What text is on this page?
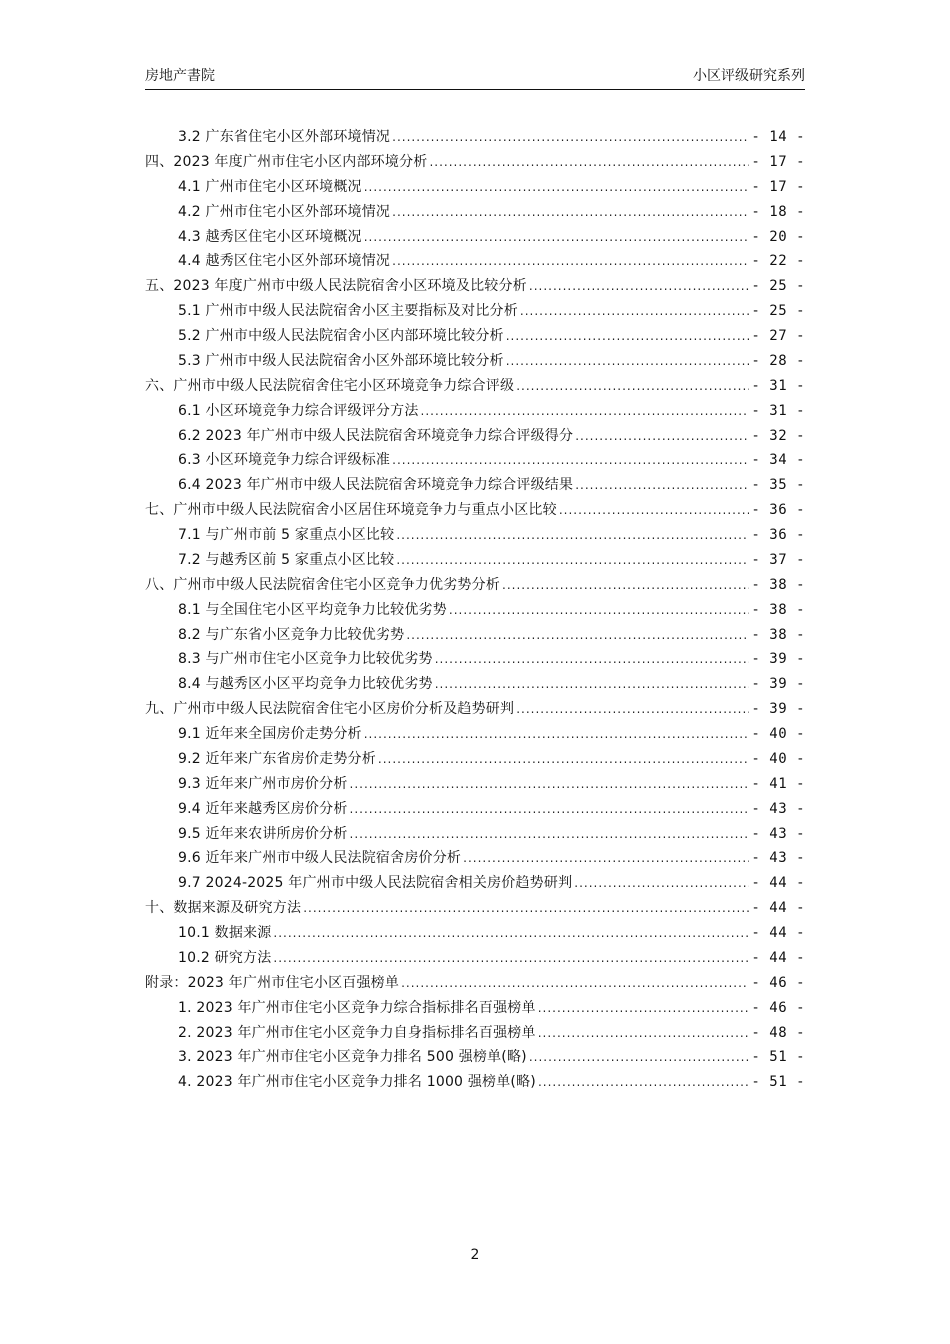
房地产書院	小区评级研究系列
3.2 广东省住宅小区外部环境情况 .....	- 14 -
四、2023 年度广州市住宅小区内部环境分析 .....	- 17 -
4.1 广州市住宅小区环境概况 .....	- 17 -
4.2 广州市住宅小区外部环境情况 .....	- 18 -
4.3 越秀区住宅小区环境概况 .....	- 20 -
4.4 越秀区住宅小区外部环境情况 .....	- 22 -
五、2023 年度广州市中级人民法院宿舍小区环境及比较分析 .....	- 25 -
5.1 广州市中级人民法院宿舍小区主要指标及对比分析 .....	- 25 -
5.2 广州市中级人民法院宿舍小区内部环境比较分析 .....	- 27 -
5.3 广州市中级人民法院宿舍小区外部环境比较分析 .....	- 28 -
六、广州市中级人民法院宿舍住宅小区环境竞争力综合评级 .....	- 31 -
6.1 小区环境竞争力综合评级评分方法 .....	- 31 -
6.2 2023 年广州市中级人民法院宿舍环境竞争力综合评级得分 .....	- 32 -
6.3 小区环境竞争力综合评级标准 .....	- 34 -
6.4 2023 年广州市中级人民法院宿舍环境竞争力综合评级结果 .....	- 35 -
七、广州市中级人民法院宿舍小区居住环境竞争力与重点小区比较 .....	- 36 -
7.1 与广州市前 5 家重点小区比较 .....	- 36 -
7.2 与越秀区前 5 家重点小区比较 .....	- 37 -
八、广州市中级人民法院宿舍住宅小区竞争力优劣势分析 .....	- 38 -
8.1 与全国住宅小区平均竞争力比较优劣势 .....	- 38 -
8.2 与广东省小区竞争力比较优劣势 .....	- 38 -
8.3 与广州市住宅小区竞争力比较优劣势 .....	- 39 -
8.4 与越秀区小区平均竞争力比较优劣势 .....	- 39 -
九、广州市中级人民法院宿舍住宅小区房价分析及趋势研判 .....	- 39 -
9.1 近年来全国房价走势分析 .....	- 40 -
9.2 近年来广东省房价走势分析 .....	- 40 -
9.3 近年来广州市房价分析 .....	- 41 -
9.4 近年来越秀区房价分析 .....	- 43 -
9.5 近年来农讲所房价分析 .....	- 43 -
9.6 近年来广州市中级人民法院宿舍房价分析 .....	- 43 -
9.7 2024-2025 年广州市中级人民法院宿舍相关房价趋势研判 .....	- 44 -
十、数据来源及研究方法 .....	- 44 -
10.1 数据来源 .....	- 44 -
10.2 研究方法 .....	- 44 -
附录：2023 年广州市住宅小区百强榜单 .....	- 46 -
1. 2023 年广州市住宅小区竞争力综合指标排名百强榜单 .....	- 46 -
2. 2023 年广州市住宅小区竞争力自身指标排名百强榜单 .....	- 48 -
3. 2023 年广州市住宅小区竞争力排名 500 强榜单(略) .....	- 51 -
4. 2023 年广州市住宅小区竞争力排名 1000 强榜单(略) .....	- 51 -
2
